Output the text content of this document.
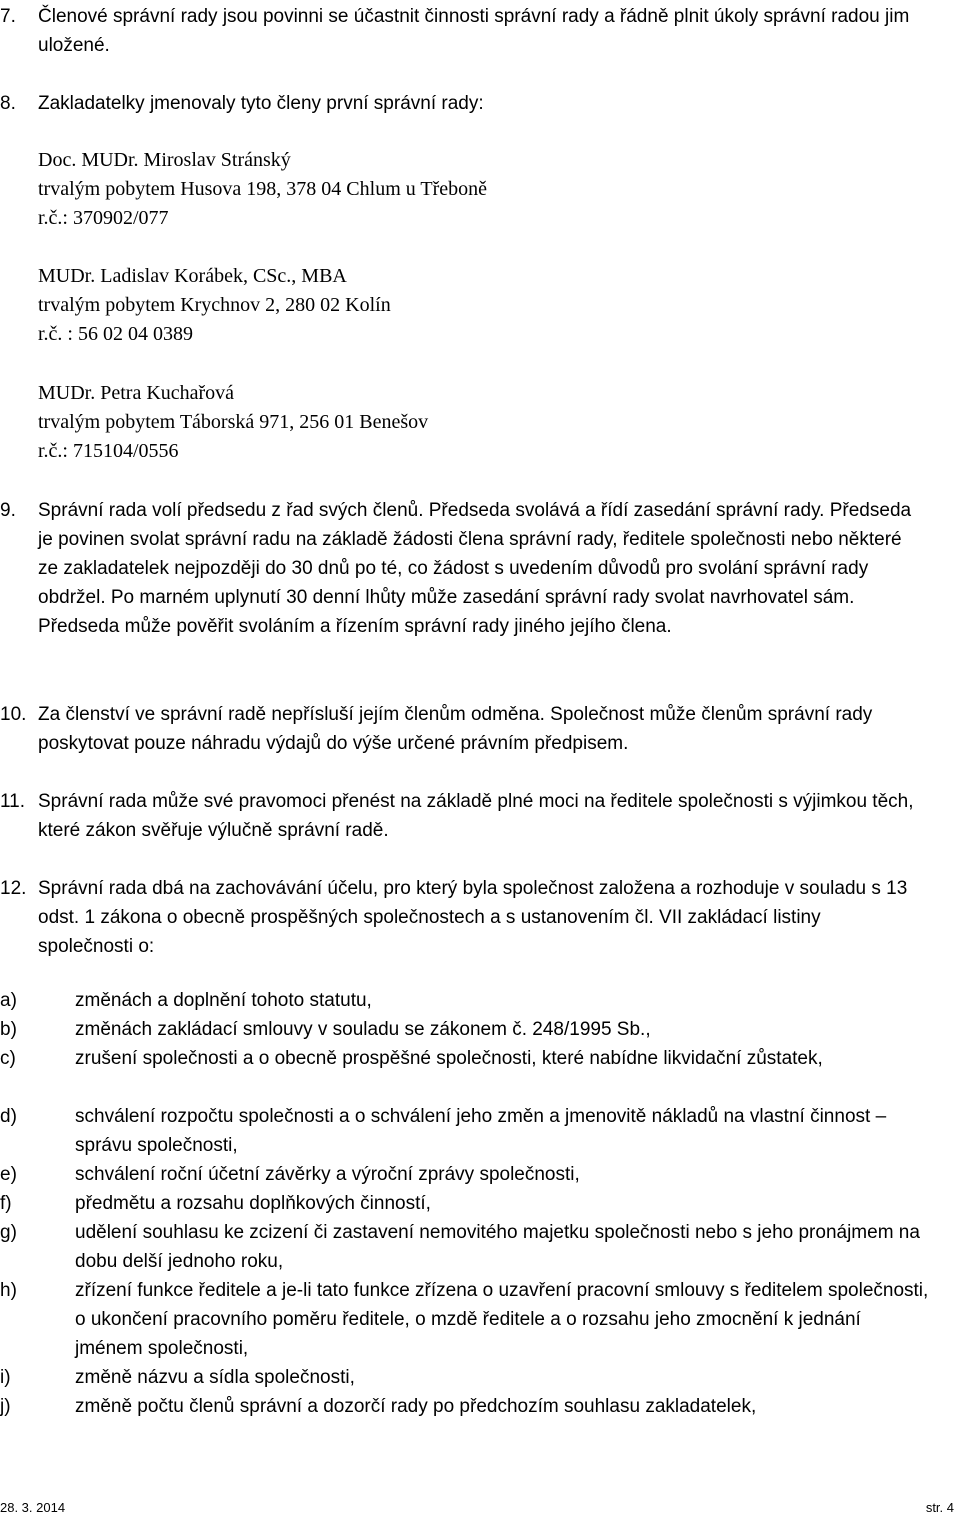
7. Členové správní rady jsou povinni se účastnit činnosti správní rady a řádně plnit úkoly správní radou jim uložené.
8. Zakladatelky jmenovaly tyto členy první správní rady:
Doc. MUDr. Miroslav Stránský
trvalým pobytem Husova 198, 378 04 Chlum u Třeboně
r.č.: 370902/077
MUDr. Ladislav Korábek, CSc., MBA
trvalým pobytem Krychnov 2, 280 02 Kolín
r.č. : 56 02 04 0389
MUDr. Petra Kuchařová
trvalým pobytem Táborská 971, 256 01 Benešov
r.č.: 715104/0556
9. Správní rada volí předsedu z řad svých členů. Předseda svolává a řídí zasedání správní rady. Předseda je povinen svolat správní radu na základě žádosti člena správní rady, ředitele společnosti nebo některé ze zakladatelek nejpozději do 30 dnů po té, co žádost s uvedením důvodů pro svolání správní rady obdržel. Po marném uplynutí 30 denní lhůty může zasedání správní rady svolat navrhovatel sám. Předseda může pověřit svoláním a řízením správní rady jiného jejího člena.
10. Za členství ve správní radě nepřísluší jejím členům odměna. Společnost může členům správní rady poskytovat pouze náhradu výdajů do výše určené právním předpisem.
11. Správní rada může své pravomoci přenést na základě plné moci na ředitele společnosti s výjimkou těch, které zákon svěřuje výlučně správní radě.
12. Správní rada dbá na zachovávání účelu, pro který byla společnost založena a rozhoduje v souladu s 13 odst. 1 zákona o obecně prospěšných společnostech a s ustanovením čl. VII zakládací listiny společnosti o:
a)	změnách a doplnění tohoto statutu,
b)	změnách zakládací smlouvy v souladu se zákonem č. 248/1995 Sb.,
c)	zrušení společnosti a o obecně prospěšné společnosti, které nabídne likvidační zůstatek,
d)	schválení rozpočtu společnosti a o schválení jeho změn a jmenovitě nákladů na vlastní činnost – správu společnosti,
e)	schválení roční účetní závěrky a výroční zprávy společnosti,
f)	předmětu a rozsahu doplňkových činností,
g)	udělení souhlasu ke zcizení či zastavení nemovitého majetku společnosti nebo s jeho pronájmem na dobu delší jednoho roku,
h)	zřízení funkce ředitele a je-li tato funkce zřízena o uzavření pracovní smlouvy s ředitelem společnosti, o ukončení pracovního poměru ředitele, o mzdě ředitele a o rozsahu jeho zmocnění k jednání jménem společnosti,
i)	změně názvu a sídla společnosti,
j)	změně počtu členů správní a dozorčí rady po předchozím souhlasu zakladatelek,
28. 3. 2014	str. 4
